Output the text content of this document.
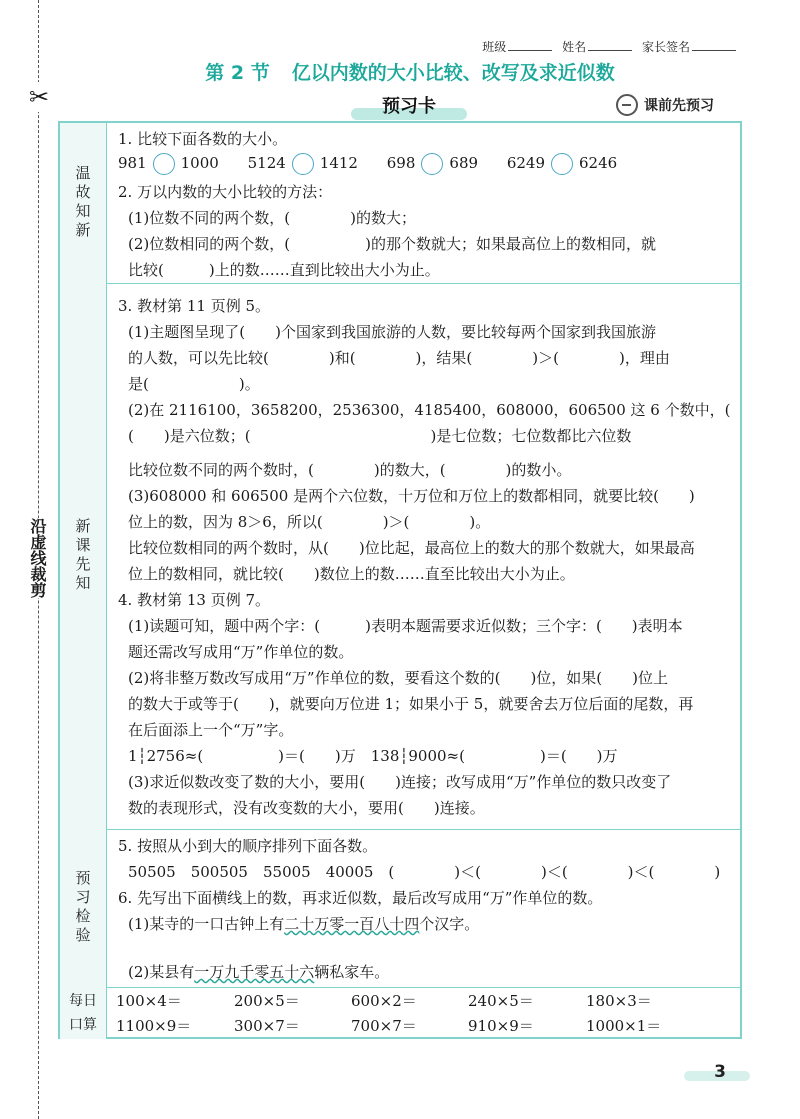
✂
沿虚线裁剪
班级	姓名	家长签名
第 2 节 亿以内数的大小比较、改写及求近似数
预习卡	课前先预习
温故知新
1. 比较下面各数的大小。
981 1000 5124 1412 698 689 6249 6246
2. 万以内数的大小比较的方法：
(1)位数不同的两个数，(　　　　)的数大；
(2)位数相同的两个数，(　　　　　)的那个数就大；如果最高位上的数相同，就
比较(　　　)上的数……直到比较出大小为止。
新课先知
3. 教材第 11 页例 5。
(1)主题图呈现了(　　)个国家到我国旅游的人数，要比较每两个国家到我国旅游
的人数，可以先比较(　　　　)和(　　　　)，结果(　　　　)＞(　　　　)，理由
是(　　　　　　)。
(2)在 2116100，3658200，2536300，4185400，608000，606500 这 6 个数中，(
(　　)是六位数；(　　　　　　　　　　　　)是七位数；七位数都比六位数
比较位数不同的两个数时，(　　　　)的数大，(　　　　)的数小。
(3)608000 和 606500 是两个六位数，十万位和万位上的数都相同，就要比较(　　)
位上的数，因为 8＞6，所以(　　　　)＞(　　　　)。
比较位数相同的两个数时，从(　　)位比起，最高位上的数大的那个数就大，如果最高
位上的数相同，就比较(　　)数位上的数……直至比较出大小为止。
4. 教材第 13 页例 7。
(1)读题可知，题中两个字：(　　　)表明本题需要求近似数；三个字：(　　)表明本
题还需改写成用“万”作单位的数。
(2)将非整万数改写成用“万”作单位的数，要看这个数的(　　)位，如果(　　)位上
的数大于或等于(　　)，就要向万位进 1；如果小于 5，就要舍去万位后面的尾数，再
在后面添上一个“万”字。
1┆2756≈(　　　　　)＝(　　)万　138┆9000≈(　　　　　)＝(　　)万
(3)求近似数改变了数的大小，要用(　　)连接；改写成用“万”作单位的数只改变了
数的表现形式，没有改变数的大小，要用(　　)连接。
预习检验
5. 按照从小到大的顺序排列下面各数。
50505　500505　55005　40005　(　　　　)＜(　　　　)＜(　　　　)＜(　　　　)
6. 先写出下面横线上的数，再求近似数，最后改写成用“万”作单位的数。
(1)某寺的一口古钟上有二十万零一百八十四个汉字。
(2)某县有一万九千零五十六辆私家车。
每日
口算
100×4＝	200×5＝	600×2＝	240×5＝	180×3＝
1100×9＝	300×7＝	700×7＝	910×9＝	1000×1＝
3
